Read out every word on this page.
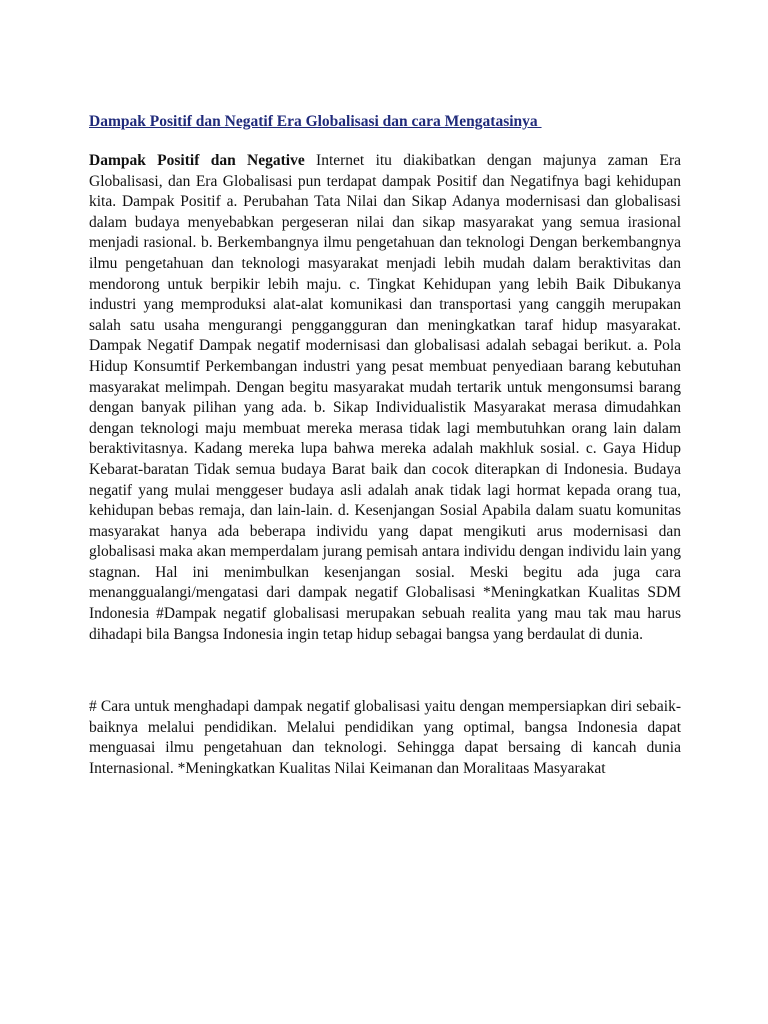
Dampak Positif dan Negatif Era Globalisasi dan cara Mengatasinya

Dampak Positif dan Negative Internet itu diakibatkan dengan majunya zaman Era Globalisasi, dan Era Globalisasi pun terdapat dampak Positif dan Negatifnya bagi kehidupan kita. Dampak Positif a. Perubahan Tata Nilai dan Sikap Adanya modernisasi dan globalisasi dalam budaya menyebabkan pergeseran nilai dan sikap masyarakat yang semua irasional menjadi rasional. b. Berkembangnya ilmu pengetahuan dan teknologi Dengan berkembangnya ilmu pengetahuan dan teknologi masyarakat menjadi lebih mudah dalam beraktivitas dan mendorong untuk berpikir lebih maju. c. Tingkat Kehidupan yang lebih Baik Dibukanya industri yang memproduksi alat-alat komunikasi dan transportasi yang canggih merupakan salah satu usaha mengurangi penggangguran dan meningkatkan taraf hidup masyarakat. Dampak Negatif Dampak negatif modernisasi dan globalisasi adalah sebagai berikut. a. Pola Hidup Konsumtif Perkembangan industri yang pesat membuat penyediaan barang kebutuhan masyarakat melimpah. Dengan begitu masyarakat mudah tertarik untuk mengonsumsi barang dengan banyak pilihan yang ada. b. Sikap Individualistik Masyarakat merasa dimudahkan dengan teknologi maju membuat mereka merasa tidak lagi membutuhkan orang lain dalam beraktivitasnya. Kadang mereka lupa bahwa mereka adalah makhluk sosial. c. Gaya Hidup Kebarat-baratan Tidak semua budaya Barat baik dan cocok diterapkan di Indonesia. Budaya negatif yang mulai menggeser budaya asli adalah anak tidak lagi hormat kepada orang tua, kehidupan bebas remaja, dan lain-lain. d. Kesenjangan Sosial Apabila dalam suatu komunitas masyarakat hanya ada beberapa individu yang dapat mengikuti arus modernisasi dan globalisasi maka akan memperdalam jurang pemisah antara individu dengan individu lain yang stagnan. Hal ini menimbulkan kesenjangan sosial. Meski begitu ada juga cara menanggualangi/mengatasi dari dampak negatif Globalisasi *Meningkatkan Kualitas SDM Indonesia #Dampak negatif globalisasi merupakan sebuah realita yang mau tak mau harus dihadapi bila Bangsa Indonesia ingin tetap hidup sebagai bangsa yang berdaulat di dunia.

# Cara untuk menghadapi dampak negatif globalisasi yaitu dengan mempersiapkan diri sebaik-baiknya melalui pendidikan. Melalui pendidikan yang optimal, bangsa Indonesia dapat menguasai ilmu pengetahuan dan teknologi. Sehingga dapat bersaing di kancah dunia Internasional. *Meningkatkan Kualitas Nilai Keimanan dan Moralitaas Masyarakat
